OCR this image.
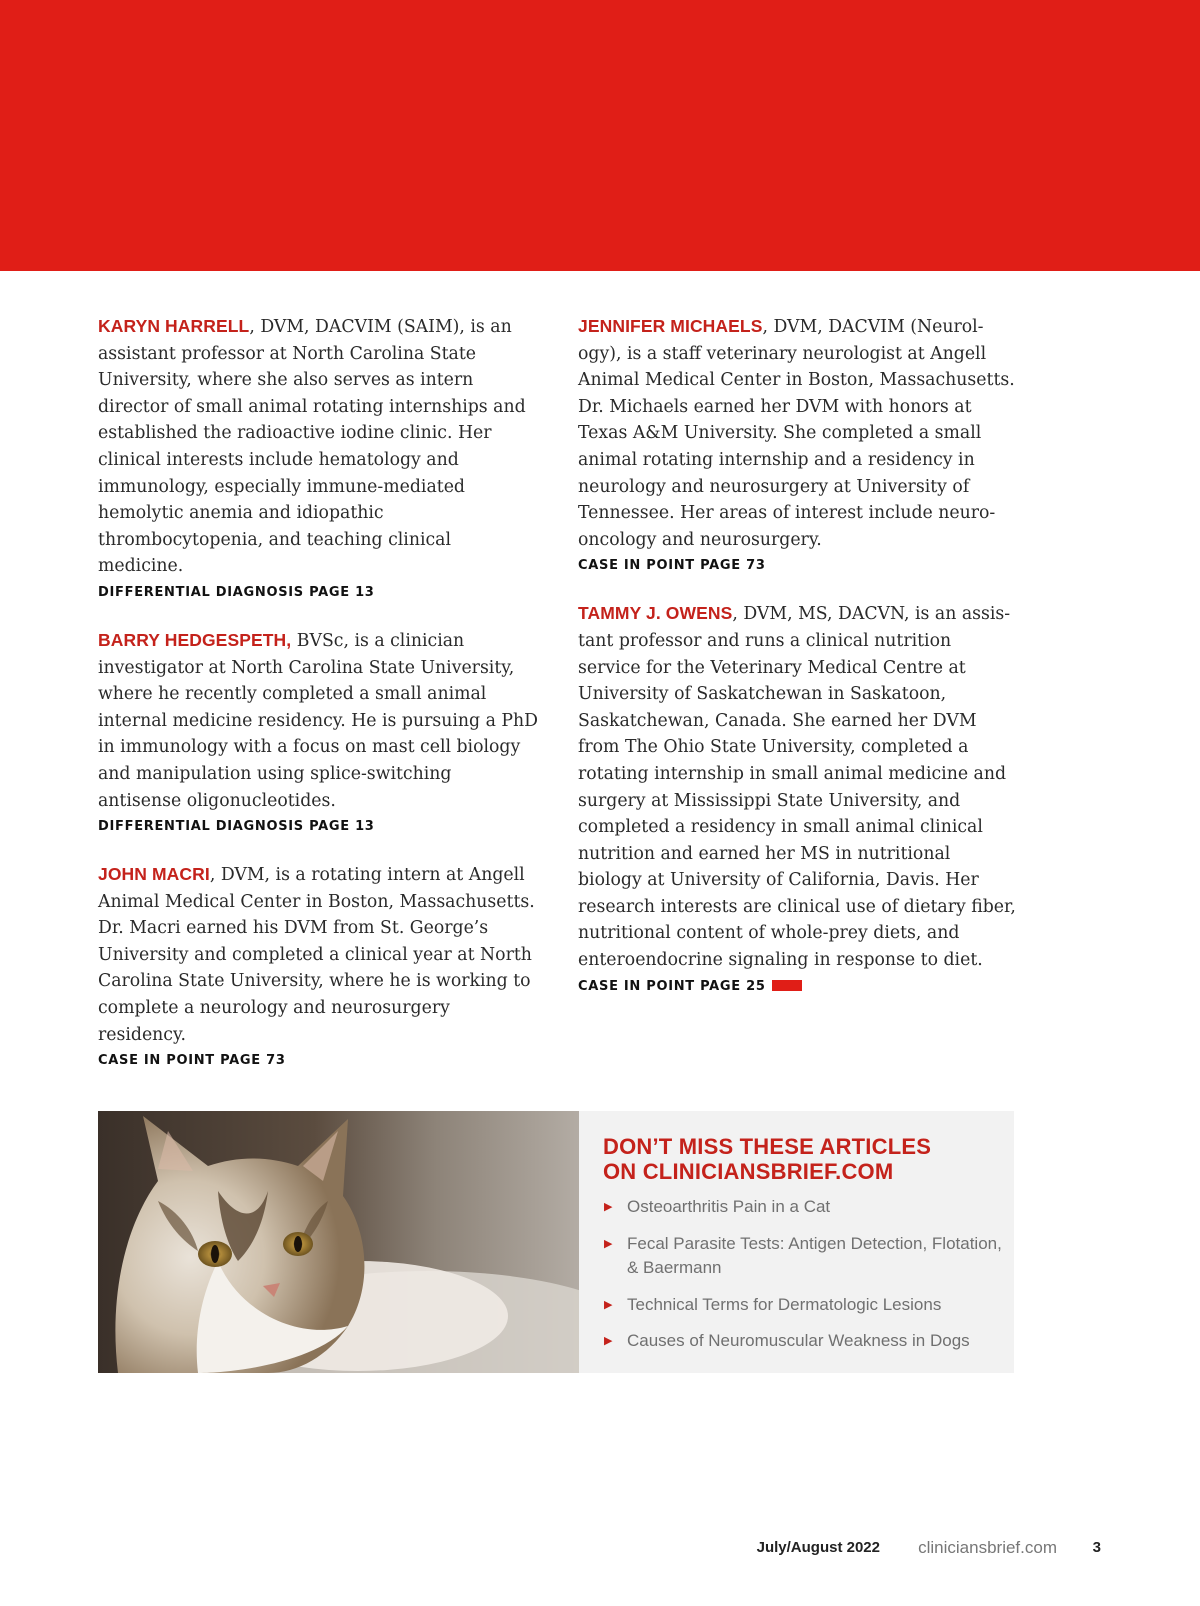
KARYN HARRELL, DVM, DACVIM (SAIM), is an assistant professor at North Carolina State University, where she also serves as intern director of small animal rotating internships and established the radioactive iodine clinic. Her clinical interests include hematology and immunology, especially immune-mediated hemolytic anemia and idiopathic thrombocytopenia, and teaching clinical medicine.

DIFFERENTIAL DIAGNOSIS PAGE 13

BARRY HEDGESPETH, BVSc, is a clinician investigator at North Carolina State University, where he recently completed a small animal internal medicine residency. He is pursuing a PhD in immunology with a focus on mast cell biology and manipulation using splice-switching antisense oligonucleotides.

DIFFERENTIAL DIAGNOSIS PAGE 13

JOHN MACRI, DVM, is a rotating intern at Angell Animal Medical Center in Boston, Massachusetts. Dr. Macri earned his DVM from St. George’s University and completed a clinical year at North Carolina State University, where he is working to complete a neurology and neurosurgery residency.

CASE IN POINT PAGE 73

JENNIFER MICHAELS, DVM, DACVIM (Neurology), is a staff veterinary neurologist at Angell Animal Medical Center in Boston, Massachusetts. Dr. Michaels earned her DVM with honors at Texas A&M University. She completed a small animal rotating internship and a residency in neurology and neurosurgery at University of Tennessee. Her areas of interest include neuro-oncology and neurosurgery.

CASE IN POINT PAGE 73

TAMMY J. OWENS, DVM, MS, DACVN, is an assistant professor and runs a clinical nutrition service for the Veterinary Medical Centre at University of Saskatchewan in Saskatoon, Saskatchewan, Canada. She earned her DVM from The Ohio State University, completed a rotating internship in small animal medicine and surgery at Mississippi State University, and completed a residency in small animal clinical nutrition and earned her MS in nutritional biology at University of California, Davis. Her research interests are clinical use of dietary fiber, nutritional content of whole-prey diets, and enteroendocrine signaling in response to diet.

CASE IN POINT PAGE 25
DON’T MISS THESE ARTICLES
ON CLINICIANSBRIEF.COM
▶ Osteoarthritis Pain in a Cat
▶ Fecal Parasite Tests: Antigen Detection, Flotation, & Baermann
▶ Technical Terms for Dermatologic Lesions
▶ Causes of Neuromuscular Weakness in Dogs
July/August 2022 cliniciansbrief.com 3
